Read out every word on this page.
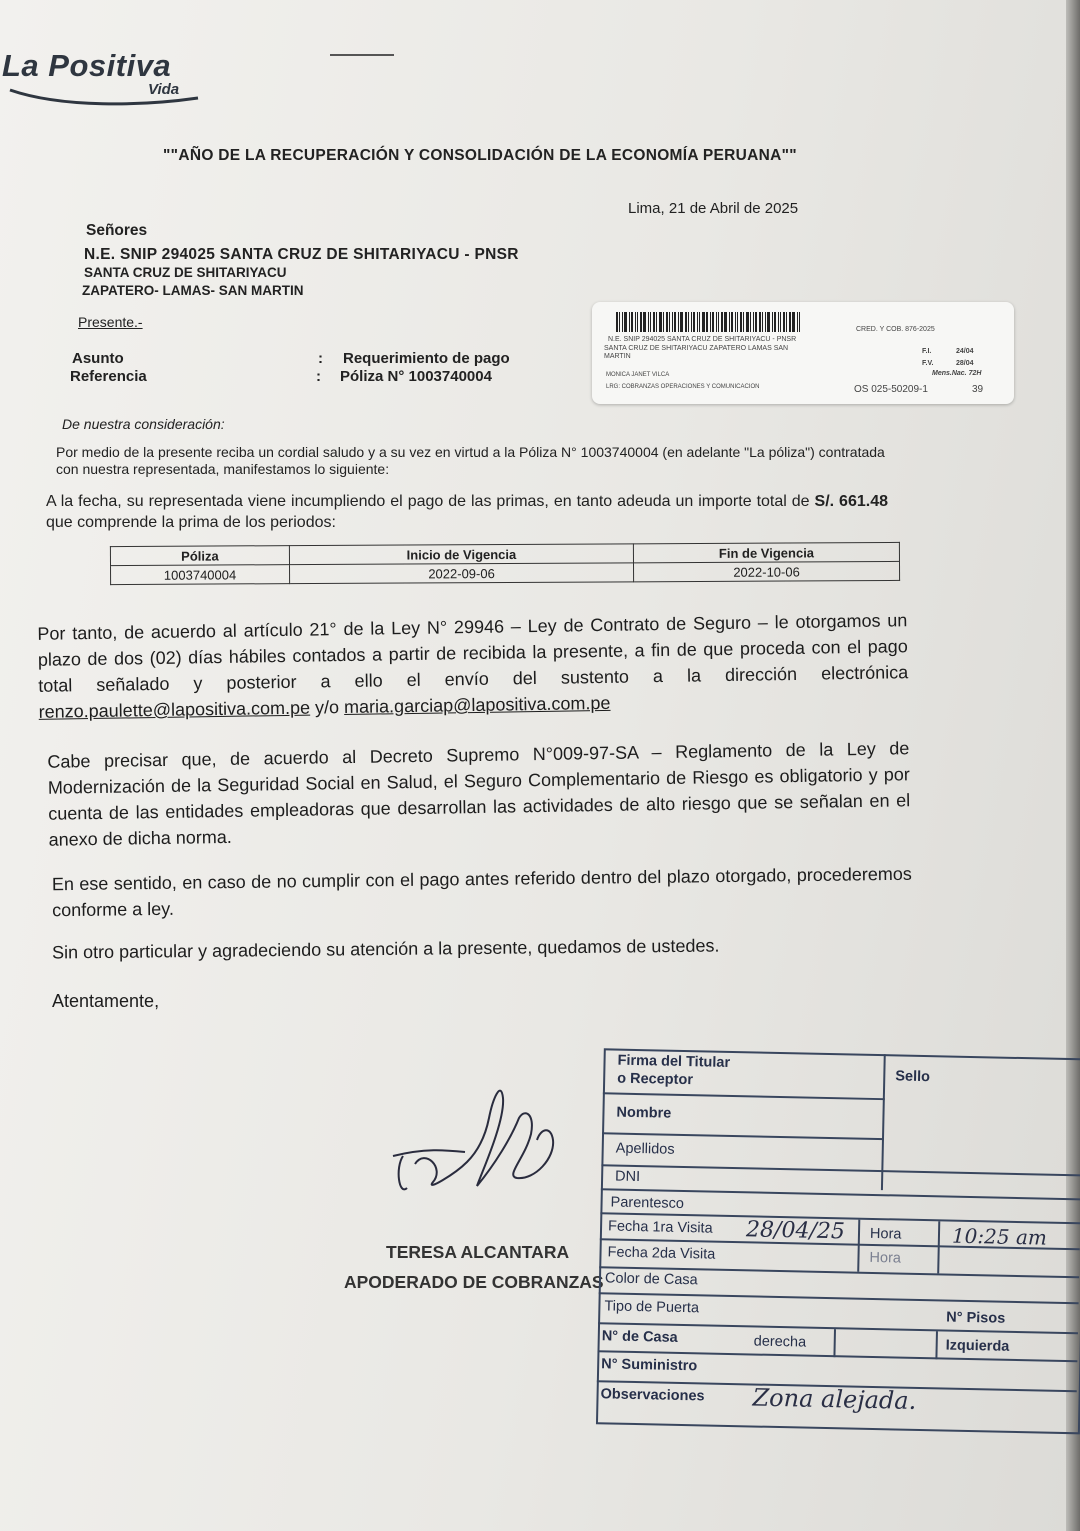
La Positiva
Vida
""AÑO DE LA RECUPERACIÓN Y CONSOLIDACIÓN DE LA ECONOMÍA PERUANA""
Lima, 21 de Abril de 2025
Señores
N.E. SNIP 294025 SANTA CRUZ DE SHITARIYACU - PNSR
SANTA CRUZ DE SHITARIYACU
ZAPATERO- LAMAS- SAN MARTIN
Presente.-
Asunto	: Requerimiento de pago
Referencia	: Póliza N° 1003740004
CRED. Y COB. 876-2025
N.E. SNIP 294025 SANTA CRUZ DE SHITARIYACU - PNSR
SANTA CRUZ DE SHITARIYACU ZAPATERO LAMAS SAN
MARTIN
F.I.	24/04
F.V.	28/04
Mens.Nac. 72H
MONICA JANET VILCA
LRG: COBRANZAS OPERACIONES Y COMUNICACION	OS 025-50209-1	39
De nuestra consideración:
Por medio de la presente reciba un cordial saludo y a su vez en virtud a la Póliza N° 1003740004 (en adelante "La póliza") contratada con nuestra representada, manifestamos lo siguiente:
A la fecha, su representada viene incumpliendo el pago de las primas, en tanto adeuda un importe total de S/. 661.48 que comprende la prima de los periodos:
Póliza	Inicio de Vigencia	Fin de Vigencia
1003740004	2022-09-06	2022-10-06
Por tanto, de acuerdo al artículo 21° de la Ley N° 29946 – Ley de Contrato de Seguro – le otorgamos un plazo de dos (02) días hábiles contados a partir de recibida la presente, a fin de que proceda con el pago total señalado y posterior a ello el envío del sustento a la dirección electrónica renzo.paulette@lapositiva.com.pe y/o maria.garciap@lapositiva.com.pe
Cabe precisar que, de acuerdo al Decreto Supremo N°009-97-SA – Reglamento de la Ley de Modernización de la Seguridad Social en Salud, el Seguro Complementario de Riesgo es obligatorio y por cuenta de las entidades empleadoras que desarrollan las actividades de alto riesgo que se señalan en el anexo de dicha norma.
En ese sentido, en caso de no cumplir con el pago antes referido dentro del plazo otorgado, procederemos conforme a ley.
Sin otro particular y agradeciendo su atención a la presente, quedamos de ustedes.
Atentamente,
TERESA ALCANTARA
APODERADO DE COBRANZAS
Firma del Titular
o Receptor	Sello
Nombre
Apellidos
DNI
Parentesco
Fecha 1ra Visita 28/04/25 Hora	10:25 am
Fecha 2da Visita	Hora
Color de Casa
Tipo de Puerta
N° Pisos
N° de Casa	derecha	Izquierda
N° Suministro
Observaciones Zona alejada.
